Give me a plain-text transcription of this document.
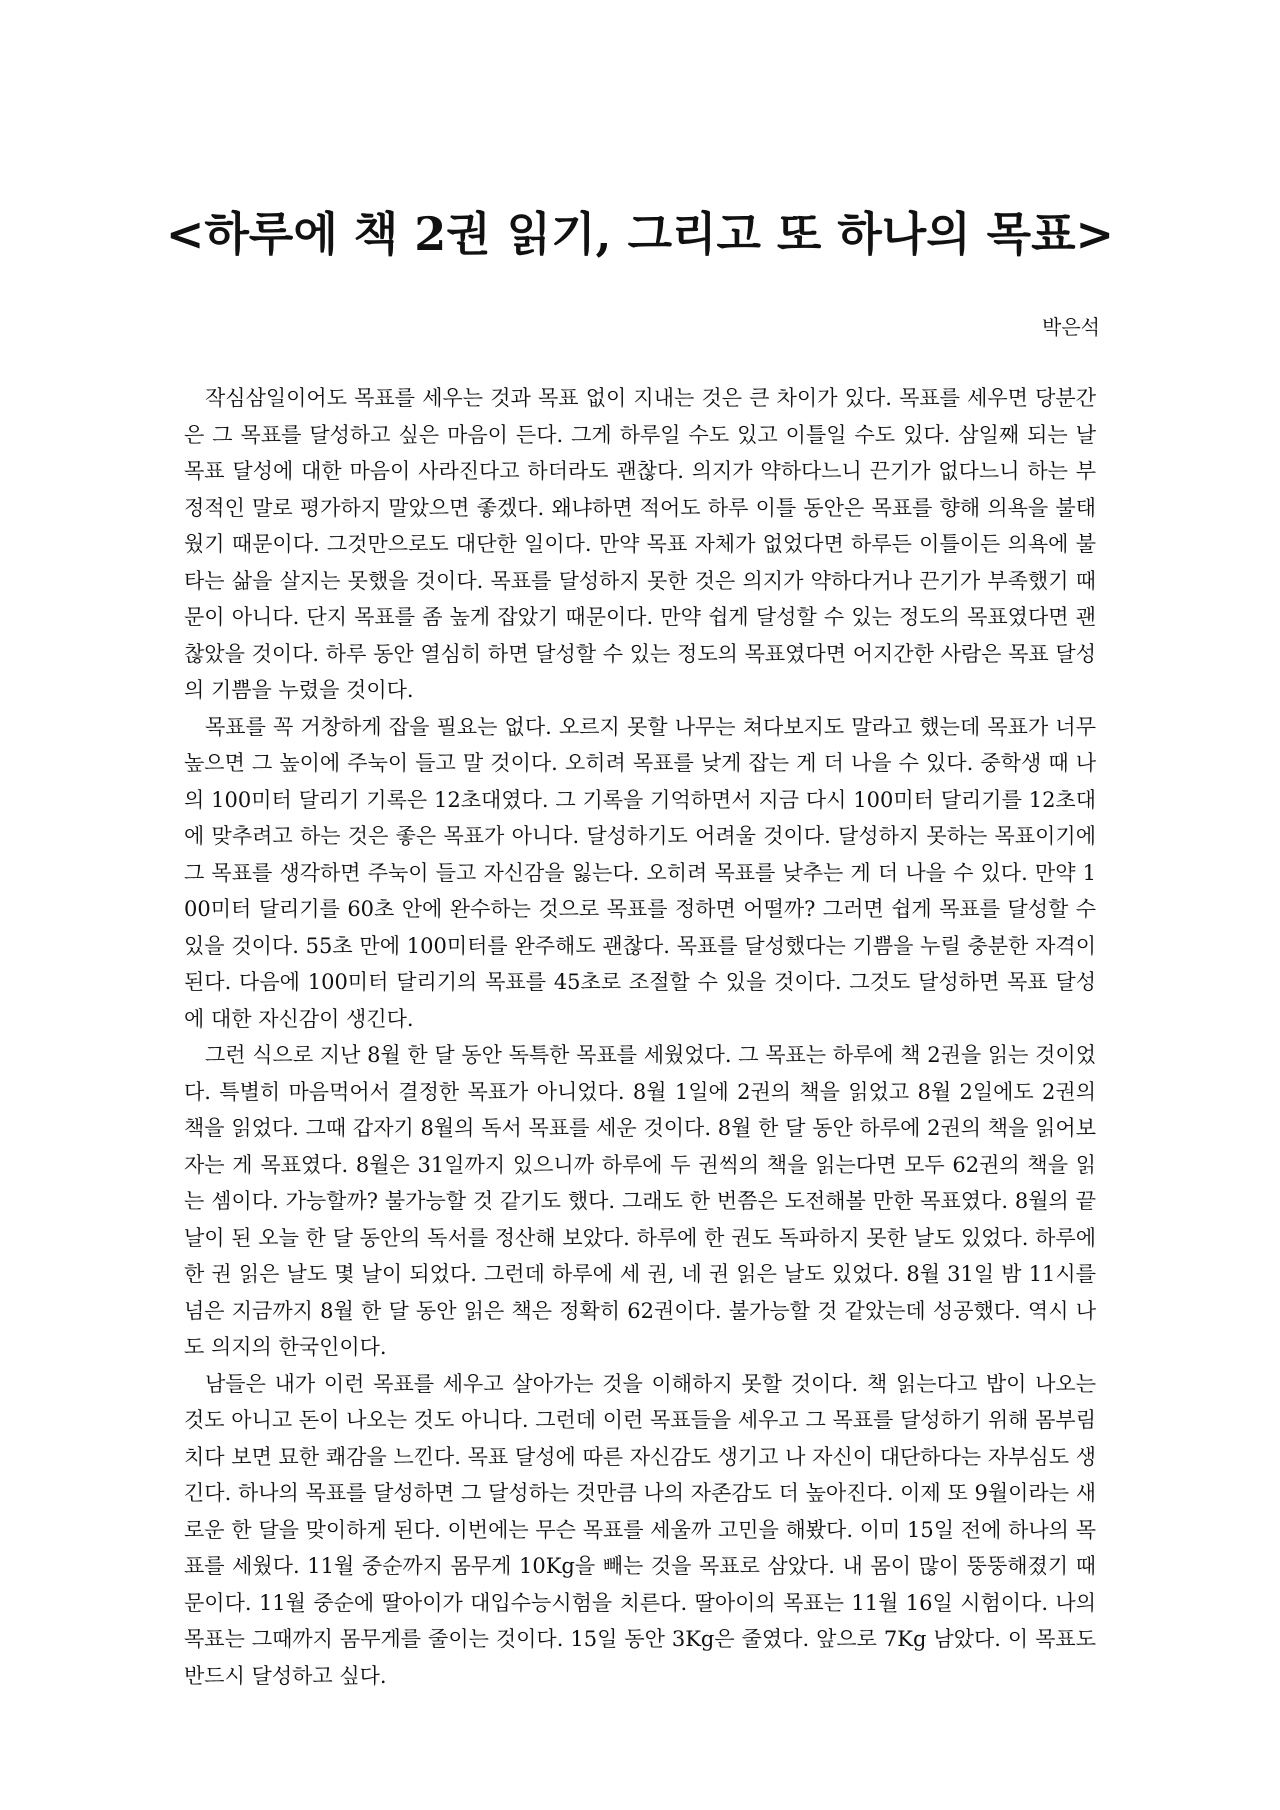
<하루에 책 2권 읽기, 그리고 또 하나의 목표>
박은석

작심삼일이어도 목표를 세우는 것과 목표 없이 지내는 것은 큰 차이가 있다. 목표를 세우면 당분간은 그 목표를 달성하고 싶은 마음이 든다. 그게 하루일 수도 있고 이틀일 수도 있다. 삼일째 되는 날 목표 달성에 대한 마음이 사라진다고 하더라도 괜찮다. 의지가 약하다느니 끈기가 없다느니 하는 부정적인 말로 평가하지 말았으면 좋겠다. 왜냐하면 적어도 하루 이틀 동안은 목표를 향해 의욕을 불태웠기 때문이다. 그것만으로도 대단한 일이다. 만약 목표 자체가 없었다면 하루든 이틀이든 의욕에 불타는 삶을 살지는 못했을 것이다. 목표를 달성하지 못한 것은 의지가 약하다거나 끈기가 부족했기 때문이 아니다. 단지 목표를 좀 높게 잡았기 때문이다. 만약 쉽게 달성할 수 있는 정도의 목표였다면 괜찮았을 것이다. 하루 동안 열심히 하면 달성할 수 있는 정도의 목표였다면 어지간한 사람은 목표 달성의 기쁨을 누렸을 것이다.

목표를 꼭 거창하게 잡을 필요는 없다. 오르지 못할 나무는 쳐다보지도 말라고 했는데 목표가 너무 높으면 그 높이에 주눅이 들고 말 것이다. 오히려 목표를 낮게 잡는 게 더 나을 수 있다. 중학생 때 나의 100미터 달리기 기록은 12초대였다. 그 기록을 기억하면서 지금 다시 100미터 달리기를 12초대에 맞추려고 하는 것은 좋은 목표가 아니다. 달성하기도 어려울 것이다. 달성하지 못하는 목표이기에 그 목표를 생각하면 주눅이 들고 자신감을 잃는다. 오히려 목표를 낮추는 게 더 나을 수 있다. 만약 100미터 달리기를 60초 안에 완수하는 것으로 목표를 정하면 어떨까? 그러면 쉽게 목표를 달성할 수 있을 것이다. 55초 만에 100미터를 완주해도 괜찮다. 목표를 달성했다는 기쁨을 누릴 충분한 자격이 된다. 다음에 100미터 달리기의 목표를 45초로 조절할 수 있을 것이다. 그것도 달성하면 목표 달성에 대한 자신감이 생긴다.

그런 식으로 지난 8월 한 달 동안 독특한 목표를 세웠었다. 그 목표는 하루에 책 2권을 읽는 것이었다. 특별히 마음먹어서 결정한 목표가 아니었다. 8월 1일에 2권의 책을 읽었고 8월 2일에도 2권의 책을 읽었다. 그때 갑자기 8월의 독서 목표를 세운 것이다. 8월 한 달 동안 하루에 2권의 책을 읽어보자는 게 목표였다. 8월은 31일까지 있으니까 하루에 두 권씩의 책을 읽는다면 모두 62권의 책을 읽는 셈이다. 가능할까? 불가능할 것 같기도 했다. 그래도 한 번쯤은 도전해볼 만한 목표였다. 8월의 끝날이 된 오늘 한 달 동안의 독서를 정산해 보았다. 하루에 한 권도 독파하지 못한 날도 있었다. 하루에 한 권 읽은 날도 몇 날이 되었다. 그런데 하루에 세 권, 네 권 읽은 날도 있었다. 8월 31일 밤 11시를 넘은 지금까지 8월 한 달 동안 읽은 책은 정확히 62권이다. 불가능할 것 같았는데 성공했다. 역시 나도 의지의 한국인이다.

남들은 내가 이런 목표를 세우고 살아가는 것을 이해하지 못할 것이다. 책 읽는다고 밥이 나오는 것도 아니고 돈이 나오는 것도 아니다. 그런데 이런 목표들을 세우고 그 목표를 달성하기 위해 몸부림치다 보면 묘한 쾌감을 느낀다. 목표 달성에 따른 자신감도 생기고 나 자신이 대단하다는 자부심도 생긴다. 하나의 목표를 달성하면 그 달성하는 것만큼 나의 자존감도 더 높아진다. 이제 또 9월이라는 새로운 한 달을 맞이하게 된다. 이번에는 무슨 목표를 세울까 고민을 해봤다. 이미 15일 전에 하나의 목표를 세웠다. 11월 중순까지 몸무게 10Kg을 빼는 것을 목표로 삼았다. 내 몸이 많이 뚱뚱해졌기 때문이다. 11월 중순에 딸아이가 대입수능시험을 치른다. 딸아이의 목표는 11월 16일 시험이다. 나의 목표는 그때까지 몸무게를 줄이는 것이다. 15일 동안 3Kg은 줄였다. 앞으로 7Kg 남았다. 이 목표도 반드시 달성하고 싶다.
